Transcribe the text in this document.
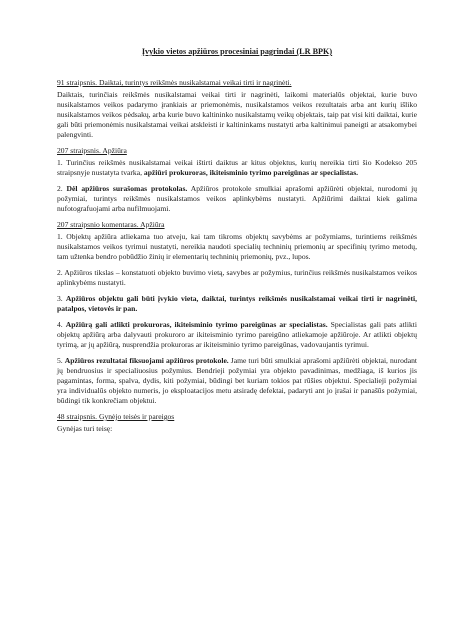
Įvykio vietos apžiūros procesiniai pagrindai (LR BPK)
91 straipsnis. Daiktai, turintys reikšmės nusikalstamai veikai tirti ir nagrinėti.
Daiktais, turinčiais reikšmės nusikalstamai veikai tirti ir nagrinėti, laikomi materialūs objektai, kurie buvo nusikalstamos veikos padarymo įrankiais ar priemonėmis, nusikalstamos veikos rezultatais arba ant kurių išliko nusikalstamos veikos pėdsakų, arba kurie buvo kaltininko nusikalstamų veikų objektais, taip pat visi kiti daiktai, kurie gali būti priemonėmis nusikalstamai veikai atskleisti ir kaltininkams nustatyti arba kaltinimui paneigti ar atsakomybei palengvinti.
207 straipsnis. Apžiūra
1. Turinčius reikšmės nusikalstamai veikai ištirti daiktus ar kitus objektus, kurių nereikia tirti šio Kodekso 205 straipsnyje nustatyta tvarka, apžiūri prokuroras, ikiteisminio tyrimo pareigūnas ar specialistas.
2. Dėl apžiūros surašomas protokolas. Apžiūros protokole smulkiai aprašomi apžiūrėti objektai, nurodomi jų požymiai, turintys reikšmės nusikalstamos veikos aplinkybėms nustatyti. Apžiūrimi daiktai kiek galima nufotografuojami arba nufilmuojami.
207 straipsnio komentaras. Apžiūra
1. Objektų apžiūra atliekama tuo atveju, kai tam tikroms objektų savybėms ar požymiams, turintiems reikšmės nusikalstamos veikos tyrimui nustatyti, nereikia naudoti specialių techninių priemonių ar specifinių tyrimo metodų, tam užtenka bendro pobūdžio žinių ir elementarių techninių priemonių, pvz., lupos.
2. Apžiūros tikslas – konstatuoti objekto buvimo vietą, savybes ar požymius, turinčius reikšmės nusikalstamos veikos aplinkybėms nustatyti.
3. Apžiūros objektu gali būti įvykio vieta, daiktai, turintys reikšmės nusikalstamai veikai tirti ir nagrinėti, patalpos, vietovės ir pan.
4. Apžiūrą gali atlikti prokuroras, ikiteisminio tyrimo pareigūnas ar specialistas. Specialistas gali pats atlikti objektų apžiūrą arba dalyvauti prokuroro ar ikiteisminio tyrimo pareigūno atliekamoje apžiūroje. Ar atlikti objektų tyrimą, ar jų apžiūrą, nusprendžia prokuroras ar ikiteisminio tyrimo pareigūnas, vadovaujantis tyrimui.
5. Apžiūros rezultatai fiksuojami apžiūros protokole. Jame turi būti smulkiai aprašomi apžiūrėti objektai, nurodant jų bendruosius ir specialiuosius požymius. Bendrieji požymiai yra objekto pavadinimas, medžiaga, iš kurios jis pagamintas, forma, spalva, dydis, kiti požymiai, būdingi bet kuriam tokios pat rūšies objektui. Specialieji požymiai yra individualūs objekto numeris, jo eksploatacijos metu atsiradę defektai, padaryti ant jo įrašai ir panašūs požymiai, būdingi tik konkrečiam objektui.
48 straipsnis. Gynėjo teisės ir pareigos
Gynėjas turi teisę:
